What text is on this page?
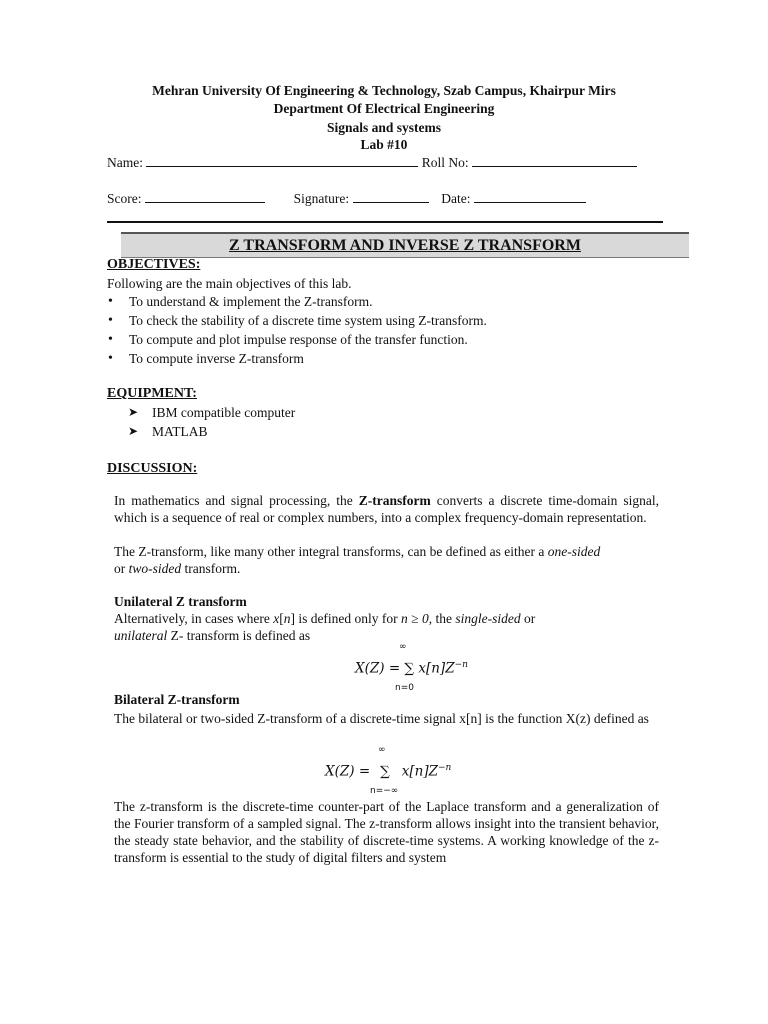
Mehran University Of Engineering & Technology, Szab Campus, Khairpur Mirs
Department Of Electrical Engineering
Signals and systems
Lab #10
Name:	Roll No:
Score:	Signature:	Date:
Z TRANSFORM AND INVERSE Z TRANSFORM
OBJECTIVES:
Following are the main objectives of this lab.
• To understand & implement the Z-transform.
• To check the stability of a discrete time system using Z-transform.
• To compute and plot impulse response of the transfer function.
• To compute inverse Z-transform
EQUIPMENT:
➤ IBM compatible computer
➤ MATLAB
DISCUSSION:
In mathematics and signal processing, the Z-transform converts a discrete time-domain signal, which is a sequence of real or complex numbers, into a complex frequency-domain representation.
The Z-transform, like many other integral transforms, can be defined as either a one-sided
or two-sided transform.
Unilateral Z transform
Alternatively, in cases where x[n] is defined only for n ≥ 0, the single-sided or
unilateral Z- transform is defined as
∞
X(Z) = ∑ $x[n]Z^{-n}$
n=0
Bilateral Z-transform
The bilateral or two-sided Z-transform of a discrete-time signal x[n] is the function X(z) defined as
∞
X(Z) = ∑ $x[n]Z^{-n}$
n=−∞
The z-transform is the discrete-time counter-part of the Laplace transform and a generalization of the Fourier transform of a sampled signal. The z-transform allows insight into the transient behavior, the steady state behavior, and the stability of discrete-time systems. A working knowledge of the z-transform is essential to the study of digital filters and system
